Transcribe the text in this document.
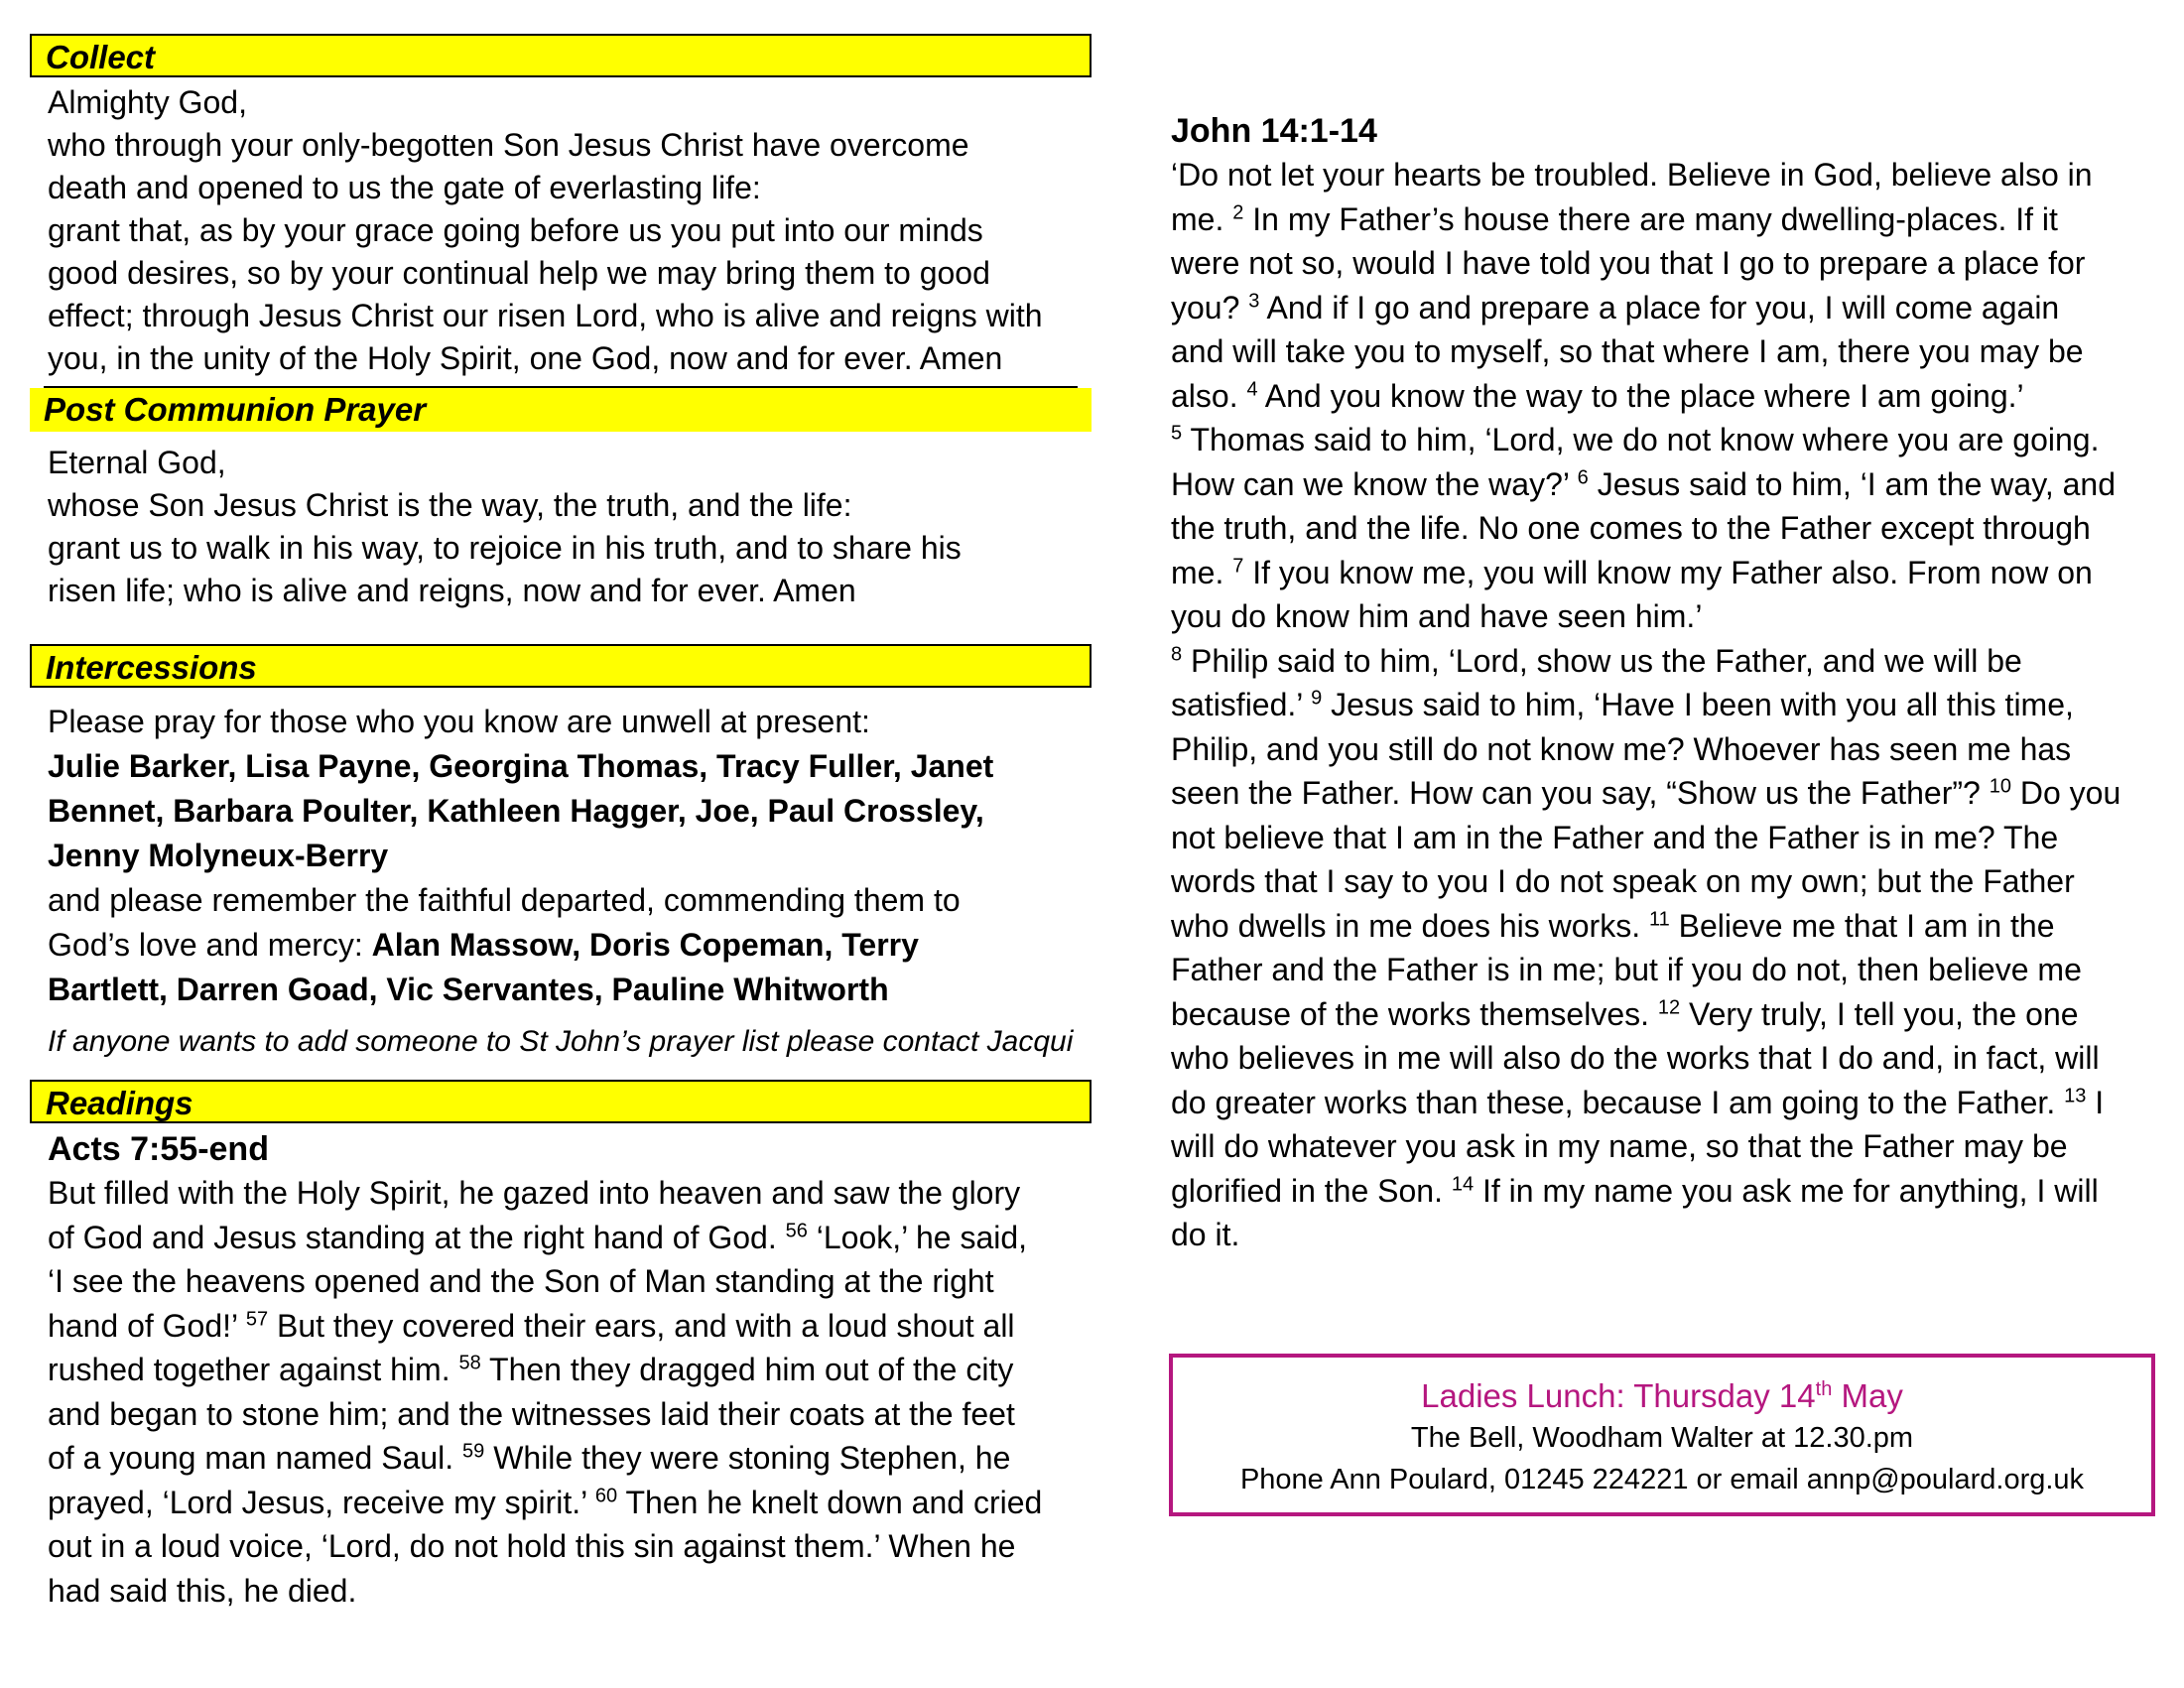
Collect
Almighty God,
who through your only-begotten Son Jesus Christ have overcome
death and opened to us the gate of everlasting life:
grant that, as by your grace going before us you put into our minds
good desires, so by your continual help we may bring them to good
effect; through Jesus Christ our risen Lord, who is alive and reigns with
you, in the unity of the Holy Spirit, one God, now and for ever. Amen
Post Communion Prayer
Eternal God,
whose Son Jesus Christ is the way, the truth, and the life:
grant us to walk in his way, to rejoice in his truth, and to share his
risen life; who is alive and reigns, now and for ever. Amen
Intercessions
Please pray for those who you know are unwell at present:
Julie Barker, Lisa Payne, Georgina Thomas, Tracy Fuller, Janet
Bennet, Barbara Poulter, Kathleen Hagger, Joe, Paul Crossley,
Jenny Molyneux-Berry
and please remember the faithful departed, commending them to
God’s love and mercy: Alan Massow, Doris Copeman, Terry
Bartlett, Darren Goad, Vic Servantes, Pauline Whitworth
If anyone wants to add someone to St John’s prayer list please contact Jacqui
Readings
Acts 7:55-end
But filled with the Holy Spirit, he gazed into heaven and saw the glory
of God and Jesus standing at the right hand of God. $^{56}$ ‘Look,’ he said,
‘I see the heavens opened and the Son of Man standing at the right
hand of God!’ $^{57}$ But they covered their ears, and with a loud shout all
rushed together against him. $^{58}$ Then they dragged him out of the city
and began to stone him; and the witnesses laid their coats at the feet
of a young man named Saul. $^{59}$ While they were stoning Stephen, he
prayed, ‘Lord Jesus, receive my spirit.’ $^{60}$ Then he knelt down and cried
out in a loud voice, ‘Lord, do not hold this sin against them.’ When he
had said this, he died.
John 14:1-14
‘Do not let your hearts be troubled. Believe in God, believe also in
me. $^2$ In my Father’s house there are many dwelling-places. If it
were not so, would I have told you that I go to prepare a place for
you? $^3$ And if I go and prepare a place for you, I will come again
and will take you to myself, so that where I am, there you may be
also. $^4$ And you know the way to the place where I am going.’
$^5$ Thomas said to him, ‘Lord, we do not know where you are going.
How can we know the way?’ $^6$ Jesus said to him, ‘I am the way, and
the truth, and the life. No one comes to the Father except through
me. $^7$ If you know me, you will know my Father also. From now on
you do know him and have seen him.’
$^8$ Philip said to him, ‘Lord, show us the Father, and we will be
satisfied.’ $^9$ Jesus said to him, ‘Have I been with you all this time,
Philip, and you still do not know me? Whoever has seen me has
seen the Father. How can you say, “Show us the Father”? $^{10}$ Do you
not believe that I am in the Father and the Father is in me? The
words that I say to you I do not speak on my own; but the Father
who dwells in me does his works. $^{11}$ Believe me that I am in the
Father and the Father is in me; but if you do not, then believe me
because of the works themselves. $^{12}$ Very truly, I tell you, the one
who believes in me will also do the works that I do and, in fact, will
do greater works than these, because I am going to the Father. $^{13}$ I
will do whatever you ask in my name, so that the Father may be
glorified in the Son. $^{14}$ If in my name you ask me for anything, I will
do it.
Ladies Lunch: Thursday 14th May
The Bell, Woodham Walter at 12.30.pm
Phone Ann Poulard, 01245 224221 or email annp@poulard.org.uk
